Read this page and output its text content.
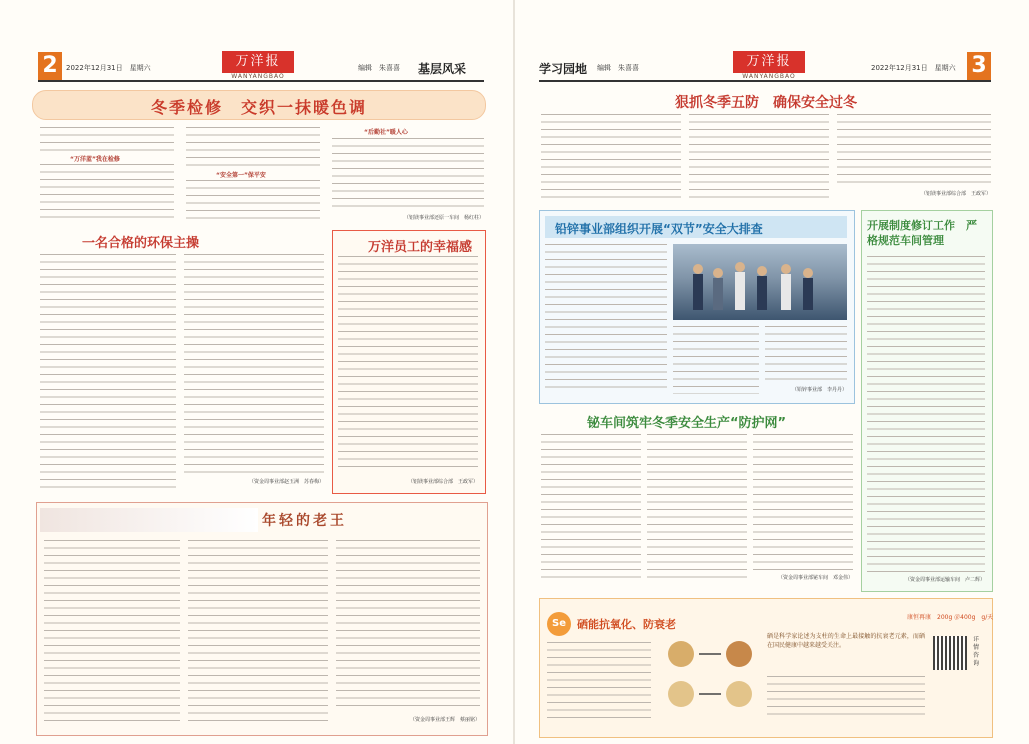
2	2022年12月31日　星期六	万洋报
WANYANGBAO
编辑　朱喜喜 基层风采
冬季检修　交织一抹暖色调
“万洋蓝”我在检修
“安全第一”保平安
“后勤社”暖人心
（铝镁事业部还原一车间　杨红柱）
一名合格的环保主操
（资金周事业部赵玉洲　苏春梅）
万洋员工的幸福感
（铝镁事业部综合部　王政军）
年轻的老王
（资金周事业部王辉　蔡丽铭）
学习园地 编辑　朱喜喜	万洋报
WANYANGBAO
2022年12月31日　星期六 3
狠抓冬季五防　确保安全过冬
（铝镁事业部综合部　王政军）
铅锌事业部组织开展“双节”安全大排查
（铅锌事业部　李丹丹）
开展制度修订工作　严格规范车间管理
（资金周事业部运输车间　卢二辉）
铋车间筑牢冬季安全生产“防护网”
（资金周事业部铋车间　邓金伟）
Se	硒能抗氧化、防衰老
硒是科学家论述为支柱的生命上最接触的抗衰老元素，而硒在国民健康中越来越受关注。
康恒再康　200g ＠400g　g/天
详情咨询
